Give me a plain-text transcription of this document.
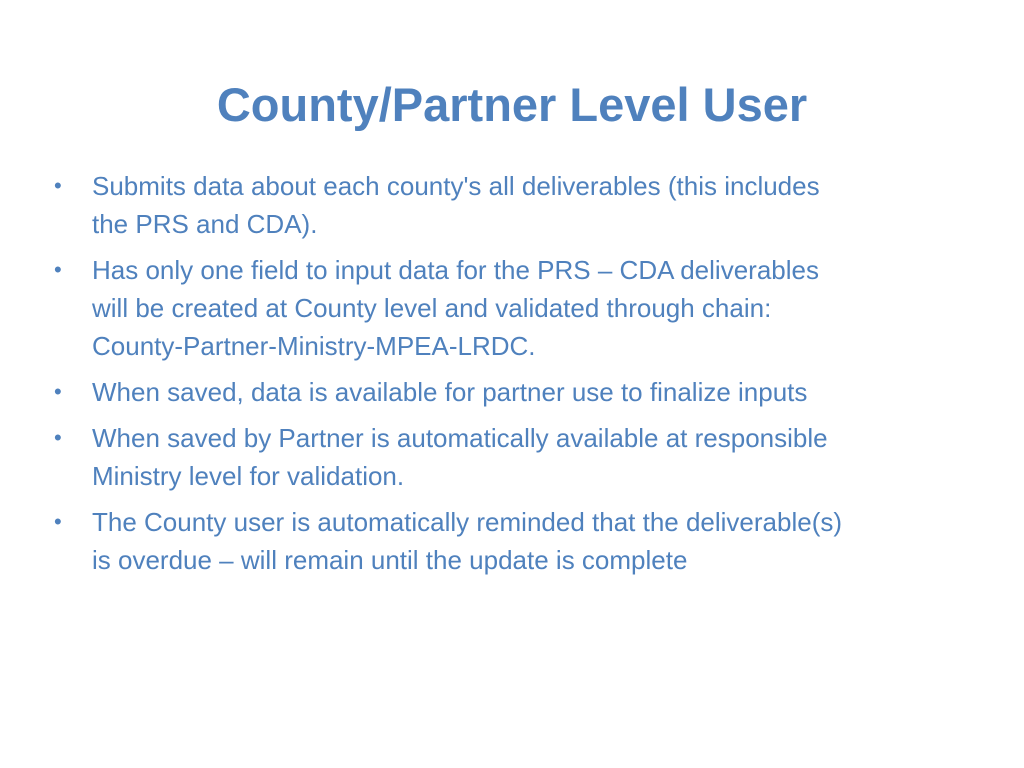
County/Partner Level User
•	Submits data about each county's all deliverables (this includes the PRS and CDA).
•	Has only one field to input data for the PRS – CDA deliverables will be created at County level and validated through chain: County-Partner-Ministry-MPEA-LRDC.
•	When saved, data is available for partner use to finalize inputs
•	When saved by Partner is automatically available at responsible Ministry level for validation.
•	The County user is automatically reminded that the deliverable(s) is overdue – will remain until the update is complete
